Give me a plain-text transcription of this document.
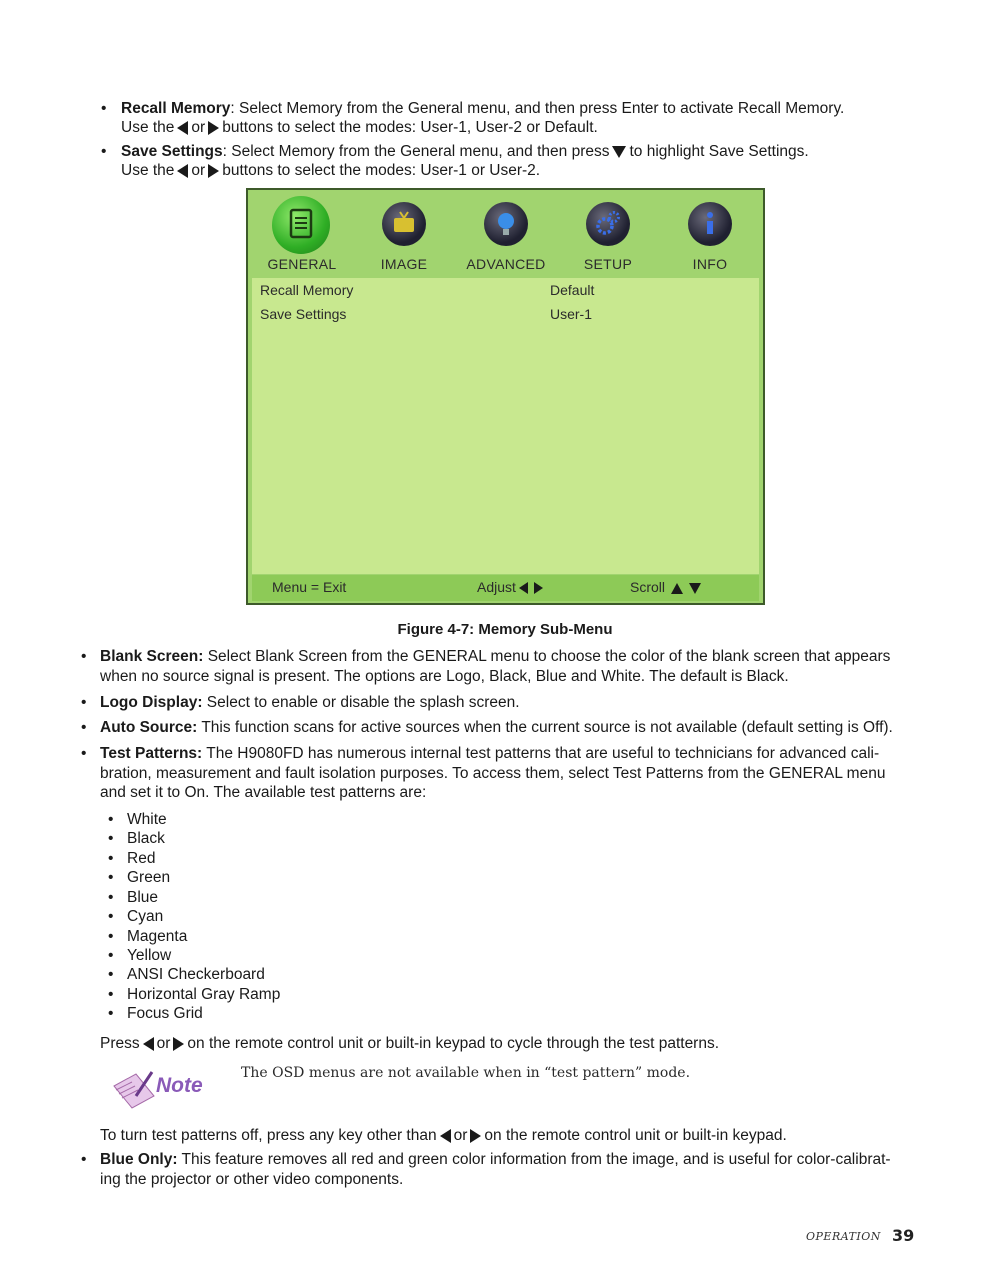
• Recall Memory: Select Memory from the General menu, and then press Enter to activate Recall Memory.
Use the or buttons to select the modes: User-1, User-2 or Default.
• Save Settings: Select Memory from the General menu, and then press to highlight Save Settings.
Use the or buttons to select the modes: User-1 or User-2.
GENERAL	IMAGE	ADVANCED	SETUP	INFO
Recall Memory	Default
Save Settings	User-1
Menu = Exit	Adjust	Scroll
Figure 4-7: Memory Sub-Menu
• Blank Screen: Select Blank Screen from the GENERAL menu to choose the color of the blank screen that appears
when no source signal is present. The options are Logo, Black, Blue and White. The default is Black.
• Logo Display: Select to enable or disable the splash screen.
• Auto Source: This function scans for active sources when the current source is not available (default setting is Off).
• Test Patterns: The H9080FD has numerous internal test patterns that are useful to technicians for advanced cali-
bration, measurement and fault isolation purposes. To access them, select Test Patterns from the GENERAL menu
and set it to On. The available test patterns are:
• White
• Black
• Red
• Green
• Blue
• Cyan
• Magenta
• Yellow
• ANSI Checkerboard
• Horizontal Gray Ramp
• Focus Grid
Press or on the remote control unit or built-in keypad to cycle through the test patterns.
Note
The OSD menus are not available when in “test pattern” mode.
To turn test patterns off, press any key other than or on the remote control unit or built-in keypad.
• Blue Only: This feature removes all red and green color information from the image, and is useful for color-calibrat-
ing the projector or other video components.
OPERATION 39
